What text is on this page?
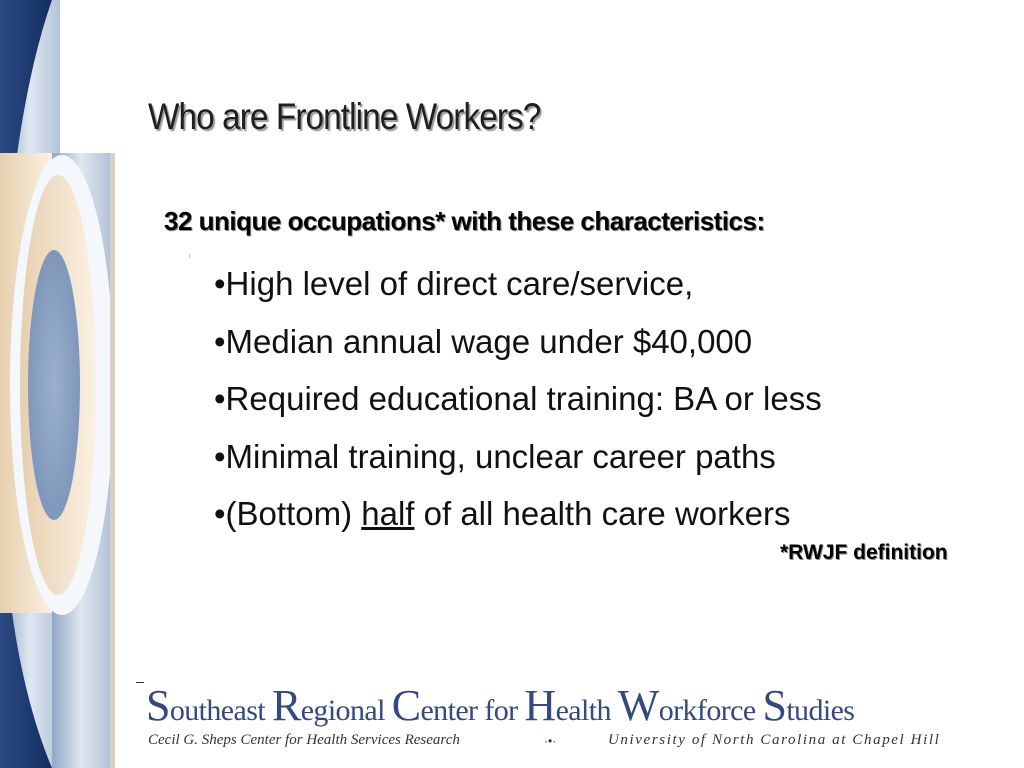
Who are Frontline Workers?
32 unique occupations* with these characteristics:
•High level of direct care/service,
•Median annual wage under $40,000
•Required educational training: BA or less
•Minimal training, unclear career paths
•(Bottom) half of all health care workers
*RWJF definition
Southeast Regional Center for Health Workforce Studies
Cecil G. Sheps Center for Health Services Research	·•·	University of North Carolina at Chapel Hill
